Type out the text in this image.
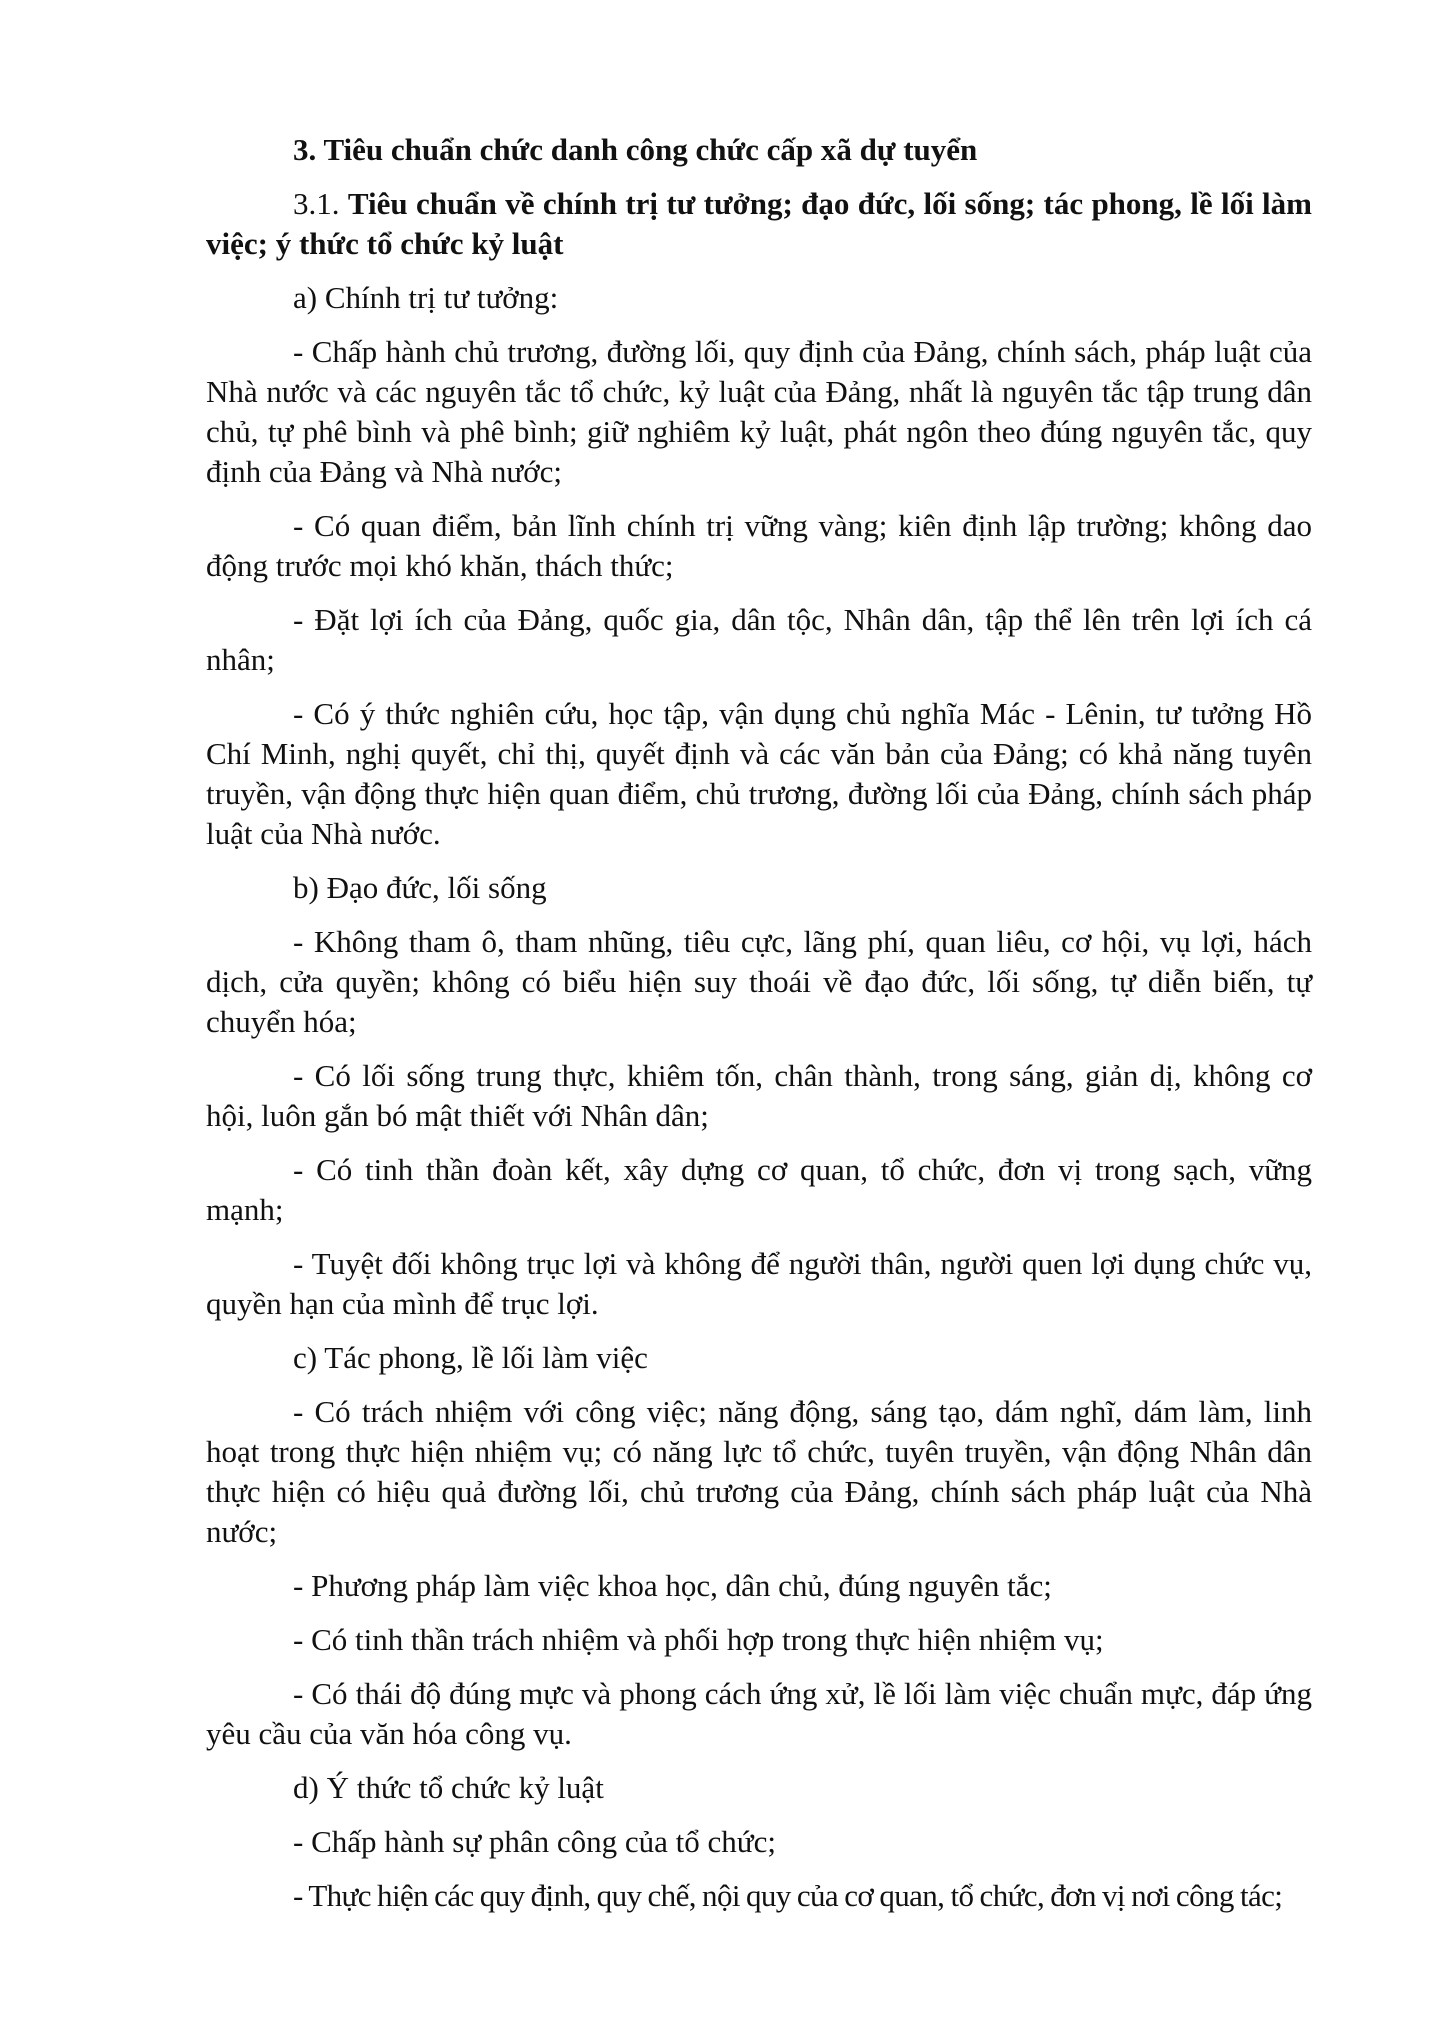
3. Tiêu chuẩn chức danh công chức cấp xã dự tuyển

3.1. Tiêu chuẩn về chính trị tư tưởng; đạo đức, lối sống; tác phong, lề lối làm việc; ý thức tổ chức kỷ luật

a) Chính trị tư tưởng:

- Chấp hành chủ trương, đường lối, quy định của Đảng, chính sách, pháp luật của Nhà nước và các nguyên tắc tổ chức, kỷ luật của Đảng, nhất là nguyên tắc tập trung dân chủ, tự phê bình và phê bình; giữ nghiêm kỷ luật, phát ngôn theo đúng nguyên tắc, quy định của Đảng và Nhà nước;

- Có quan điểm, bản lĩnh chính trị vững vàng; kiên định lập trường; không dao động trước mọi khó khăn, thách thức;

- Đặt lợi ích của Đảng, quốc gia, dân tộc, Nhân dân, tập thể lên trên lợi ích cá nhân;

- Có ý thức nghiên cứu, học tập, vận dụng chủ nghĩa Mác - Lênin, tư tưởng Hồ Chí Minh, nghị quyết, chỉ thị, quyết định và các văn bản của Đảng; có khả năng tuyên truyền, vận động thực hiện quan điểm, chủ trương, đường lối của Đảng, chính sách pháp luật của Nhà nước.

b) Đạo đức, lối sống

- Không tham ô, tham nhũng, tiêu cực, lãng phí, quan liêu, cơ hội, vụ lợi, hách dịch, cửa quyền; không có biểu hiện suy thoái về đạo đức, lối sống, tự diễn biến, tự chuyển hóa;

- Có lối sống trung thực, khiêm tốn, chân thành, trong sáng, giản dị, không cơ hội, luôn gắn bó mật thiết với Nhân dân;

- Có tinh thần đoàn kết, xây dựng cơ quan, tổ chức, đơn vị trong sạch, vững mạnh;

- Tuyệt đối không trục lợi và không để người thân, người quen lợi dụng chức vụ, quyền hạn của mình để trục lợi.

c) Tác phong, lề lối làm việc

- Có trách nhiệm với công việc; năng động, sáng tạo, dám nghĩ, dám làm, linh hoạt trong thực hiện nhiệm vụ; có năng lực tổ chức, tuyên truyền, vận động Nhân dân thực hiện có hiệu quả đường lối, chủ trương của Đảng, chính sách pháp luật của Nhà nước;

- Phương pháp làm việc khoa học, dân chủ, đúng nguyên tắc;

- Có tinh thần trách nhiệm và phối hợp trong thực hiện nhiệm vụ;

- Có thái độ đúng mực và phong cách ứng xử, lề lối làm việc chuẩn mực, đáp ứng yêu cầu của văn hóa công vụ.

d) Ý thức tổ chức kỷ luật

- Chấp hành sự phân công của tổ chức;

- Thực hiện các quy định, quy chế, nội quy của cơ quan, tổ chức, đơn vị nơi công tác;
